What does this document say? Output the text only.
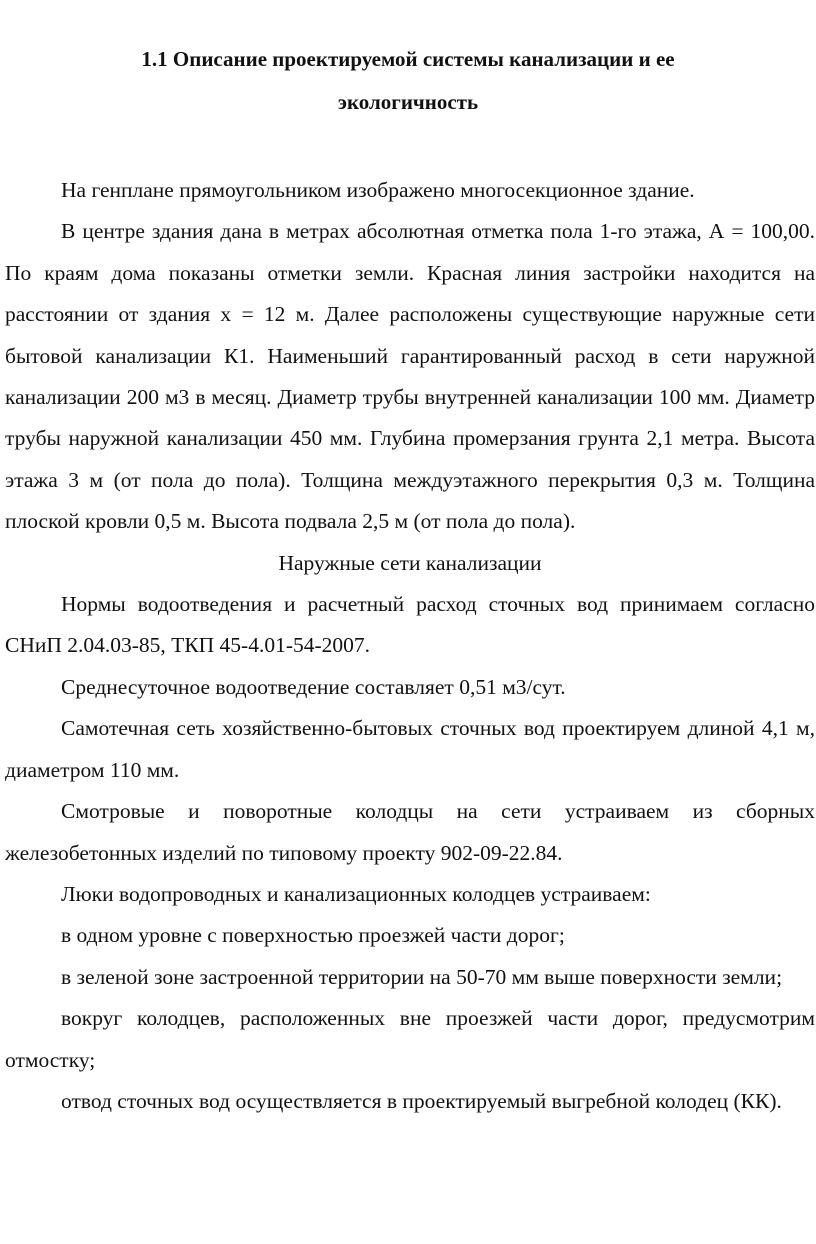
1.1 Описание проектируемой системы канализации и ее
экологичность

На генплане прямоугольником изображено многосекционное здание.

В центре здания дана в метрах абсолютная отметка пола 1-го этажа, А = 100,00. По краям дома показаны отметки земли. Красная линия застройки находится на расстоянии от здания х = 12 м. Далее расположены существующие наружные сети бытовой канализации К1. Наименьший гарантированный расход в сети наружной канализации 200 м3 в месяц. Диаметр трубы внутренней канализации 100 мм. Диаметр трубы наружной канализации 450 мм. Глубина промерзания грунта 2,1 метра. Высота этажа 3 м (от пола до пола). Толщина междуэтажного перекрытия 0,3 м. Толщина плоской кровли 0,5 м. Высота подвала 2,5 м (от пола до пола).

Наружные сети канализации

Нормы водоотведения и расчетный расход сточных вод принимаем согласно СНиП 2.04.03-85, ТКП 45-4.01-54-2007.

Среднесуточное водоотведение составляет 0,51 м3/сут.

Самотечная сеть хозяйственно-бытовых сточных вод проектируем длиной 4,1 м, диаметром 110 мм.

Смотровые и поворотные колодцы на сети устраиваем из сборных железобетонных изделий по типовому проекту 902-09-22.84.

Люки водопроводных и канализационных колодцев устраиваем:

в одном уровне с поверхностью проезжей части дорог;

в зеленой зоне застроенной территории на 50-70 мм выше поверхности земли;

вокруг колодцев, расположенных вне проезжей части дорог, предусмотрим отмостку;

отвод сточных вод осуществляется в проектируемый выгребной колодец (КК).
